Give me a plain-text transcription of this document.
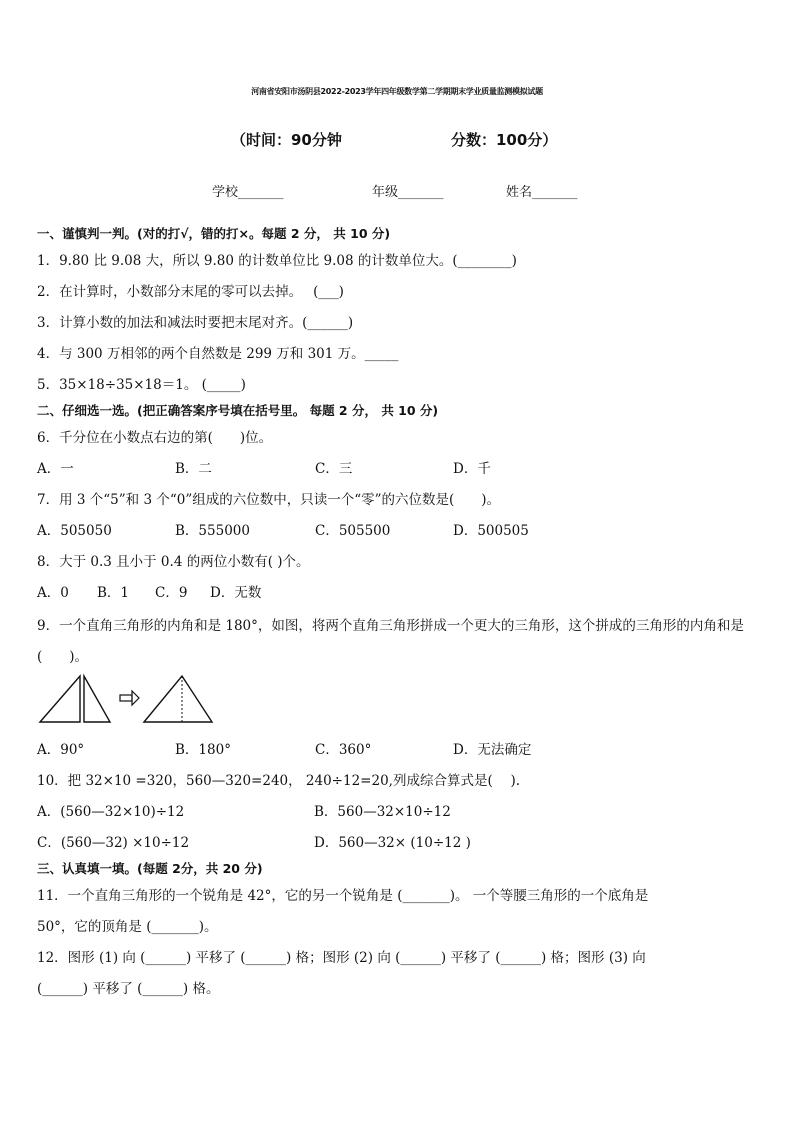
河南省安阳市汤阴县2022-2023学年四年级数学第二学期期末学业质量监测模拟试题
（时间：90分钟	分数：100分）
学校_______	年级_______	姓名_______
一、谨慎判一判。(对的打√，错的打×。每题 2 分， 共 10 分)
1．9.80 比 9.08 大，所以 9.80 的计数单位比 9.08 的计数单位大。(________)
2．在计算时，小数部分末尾的零可以去掉。　 (___)
3．计算小数的加法和减法时要把末尾对齐。(______)
4．与 300 万相邻的两个自然数是 299 万和 301 万。_____
5．35×18÷35×18＝1。 (_____)
二、仔细选一选。(把正确答案序号填在括号里。 每题 2 分， 共 10 分)
6．千分位在小数点右边的第(　　)位。
A．一	B．二	C．三	D．千
7．用 3 个“5”和 3 个“0”组成的六位数中，只读一个“零”的六位数是(　　)。
A．505050	B．555000	C．505500	D．500505
8．大于 0.3 且小于 0.4 的两位小数有( )个。
A．0 B．1 C．9 D．无数
9．一个直角三角形的内角和是 180°，如图，将两个直角三角形拼成一个更大的三角形，这个拼成的三角形的内角和是
(　　)。
A．90°	B．180°	C．360°	D．无法确定
10．把 32×10 =320，560—320=240， 240÷12=20,列成综合算式是(　 ).
A．(560—32×10)÷12	B．560—32×10÷12
C．(560—32) ×10÷12	D．560—32× (10÷12 )
三、认真填一填。(每题 2分，共 20 分)
11．一个直角三角形的一个锐角是 42°，它的另一个锐角是 (_______)。 一个等腰三角形的一个底角是
50°，它的顶角是 (_______)。
12．图形 (1) 向 (______) 平移了 (______) 格；图形 (2) 向 (______) 平移了 (______) 格；图形 (3) 向
(______) 平移了 (______) 格。
